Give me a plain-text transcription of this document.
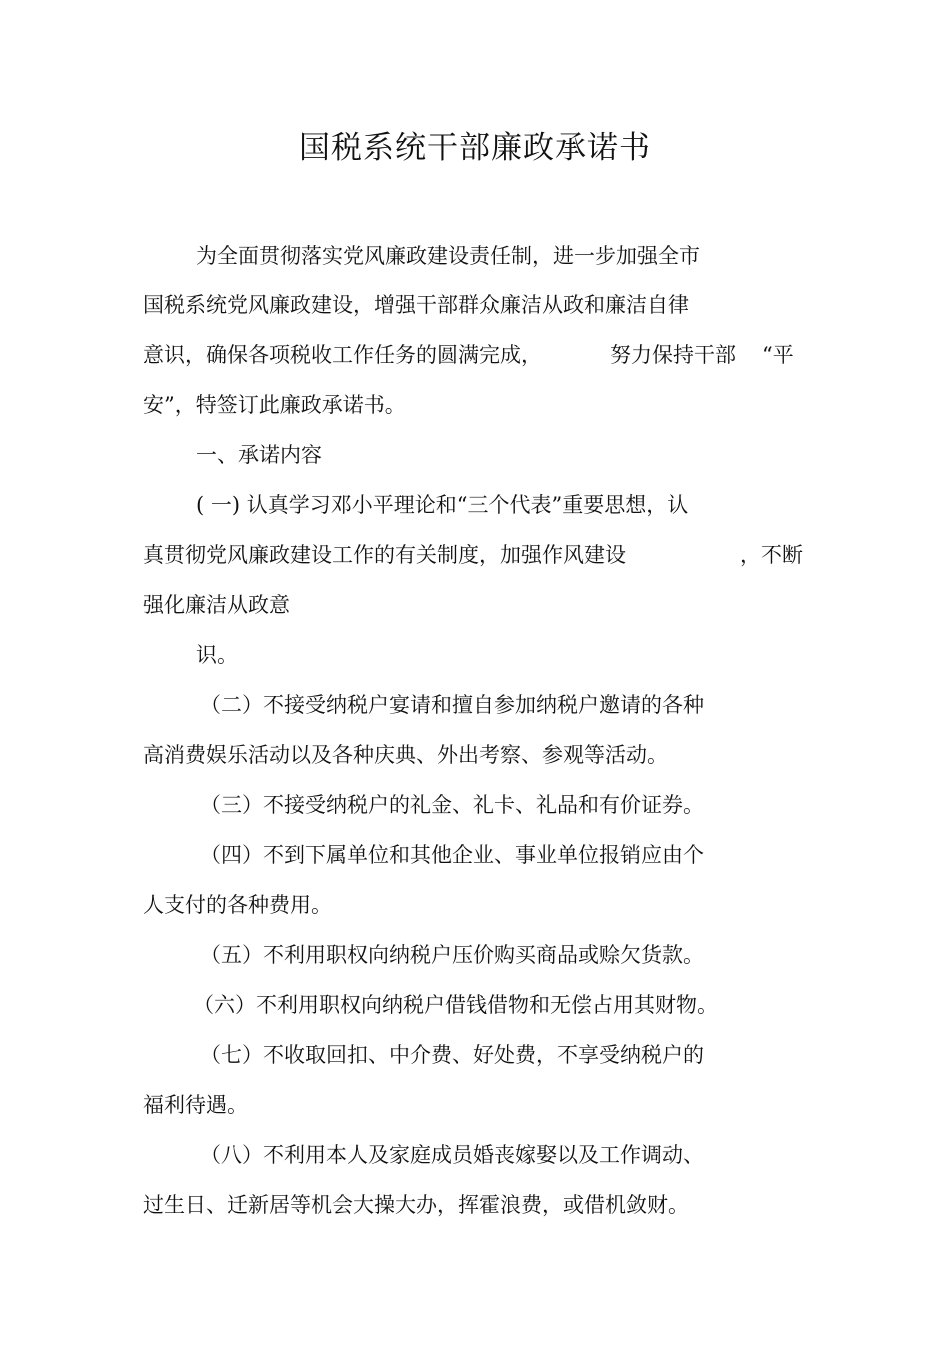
国税系统干部廉政承诺书
为全面贯彻落实党风廉政建设责任制，进一步加强全市
国税系统党风廉政建设，增强干部群众廉洁从政和廉洁自律
意识，确保各项税收工作任务的圆满完成，	努力保持干部 “平
安”，特签订此廉政承诺书。
一、承诺内容
( 一) 认真学习邓小平理论和“三个代表”重要思想，认
真贯彻党风廉政建设工作的有关制度，加强作风建设	，不断
强化廉洁从政意
识。
（二）不接受纳税户宴请和擅自参加纳税户邀请的各种
高消费娱乐活动以及各种庆典、外出考察、参观等活动。
（三）不接受纳税户的礼金、礼卡、礼品和有价证券。
（四）不到下属单位和其他企业、事业单位报销应由个
人支付的各种费用。
（五）不利用职权向纳税户压价购买商品或赊欠货款。
（六）不利用职权向纳税户借钱借物和无偿占用其财物。
（七）不收取回扣、中介费、好处费，不享受纳税户的
福利待遇。
（八）不利用本人及家庭成员婚丧嫁娶以及工作调动、
过生日、迁新居等机会大操大办，挥霍浪费，或借机敛财。
